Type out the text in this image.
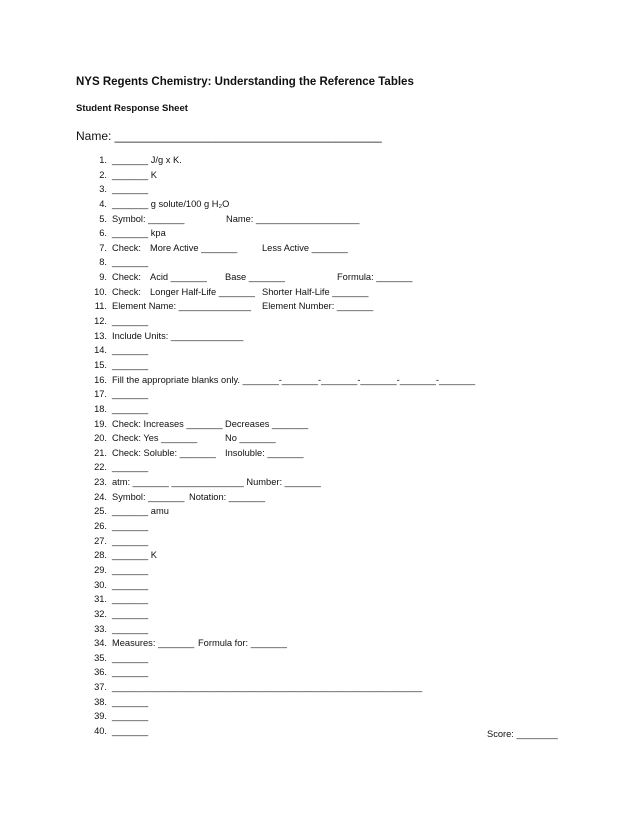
NYS Regents Chemistry: Understanding the Reference Tables
Student Response Sheet
Name: ________________________________________
1. _______ J/g x K.
2. _______ K
3. _______
4. _______ g solute/100 g H₂O
5. Symbol: _______	Name: ____________________
6. _______ kpa
7. Check: More Active _______	Less Active _______
8. _______
9. Check: Acid _______ Base _______	Formula: _______
10. Check: Longer Half-Life _______ Shorter Half-Life _______
11. Element Name: ______________ Element Number: _______
12. _______
13. Include Units: ______________
14. _______
15. _______
16. Fill the appropriate blanks only. _______-_______-_______-_______-_______-_______
17. _______
18. _______
19. Check: Increases _______ Decreases _______
20. Check: Yes _______	No _______
21. Check: Soluble: _______ Insoluble: _______
22. _______
23. atm: _______ ______________ Number: _______
24. Symbol: _______ Notation: _______
25. _______ amu
26. _______
27. _______
28. _______ K
29. _______
30. _______
31. _______
32. _______
33. _______
34. Measures: _______ Formula for: _______
35. _______
36. _______
37. ____________________________________________________________
38. _______
39. _______
40. _______	Score: ________
